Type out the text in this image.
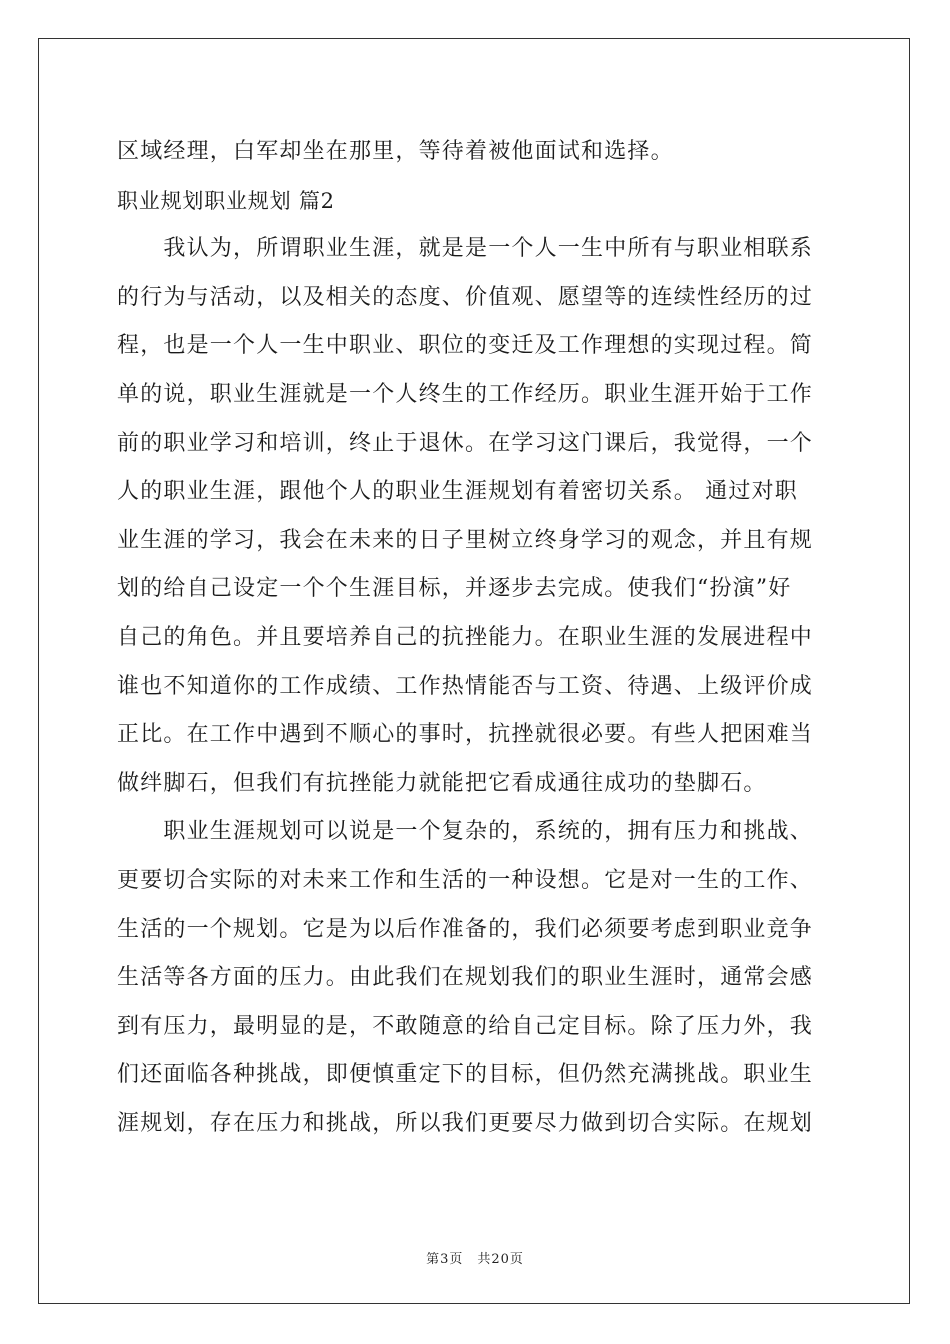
区域经理，白军却坐在那里，等待着被他面试和选择。
职业规划职业规划 篇2
　　我认为，所谓职业生涯，就是是一个人一生中所有与职业相联系
的行为与活动，以及相关的态度、价值观、愿望等的连续性经历的过
程，也是一个人一生中职业、职位的变迁及工作理想的实现过程。简
单的说，职业生涯就是一个人终生的工作经历。职业生涯开始于工作
前的职业学习和培训，终止于退休。在学习这门课后，我觉得，一个
人的职业生涯，跟他个人的职业生涯规划有着密切关系。 通过对职
业生涯的学习，我会在未来的日子里树立终身学习的观念，并且有规
划的给自己设定一个个生涯目标，并逐步去完成。使我们“扮演”好
自己的角色。并且要培养自己的抗挫能力。在职业生涯的发展进程中
谁也不知道你的工作成绩、工作热情能否与工资、待遇、上级评价成
正比。在工作中遇到不顺心的事时，抗挫就很必要。有些人把困难当
做绊脚石，但我们有抗挫能力就能把它看成通往成功的垫脚石。
　　职业生涯规划可以说是一个复杂的，系统的，拥有压力和挑战、
更要切合实际的对未来工作和生活的一种设想。它是对一生的工作、
生活的一个规划。它是为以后作准备的，我们必须要考虑到职业竞争
生活等各方面的压力。由此我们在规划我们的职业生涯时，通常会感
到有压力，最明显的是，不敢随意的给自己定目标。除了压力外，我
们还面临各种挑战，即便慎重定下的目标，但仍然充满挑战。职业生
涯规划，存在压力和挑战，所以我们更要尽力做到切合实际。在规划
第3页　共20页
